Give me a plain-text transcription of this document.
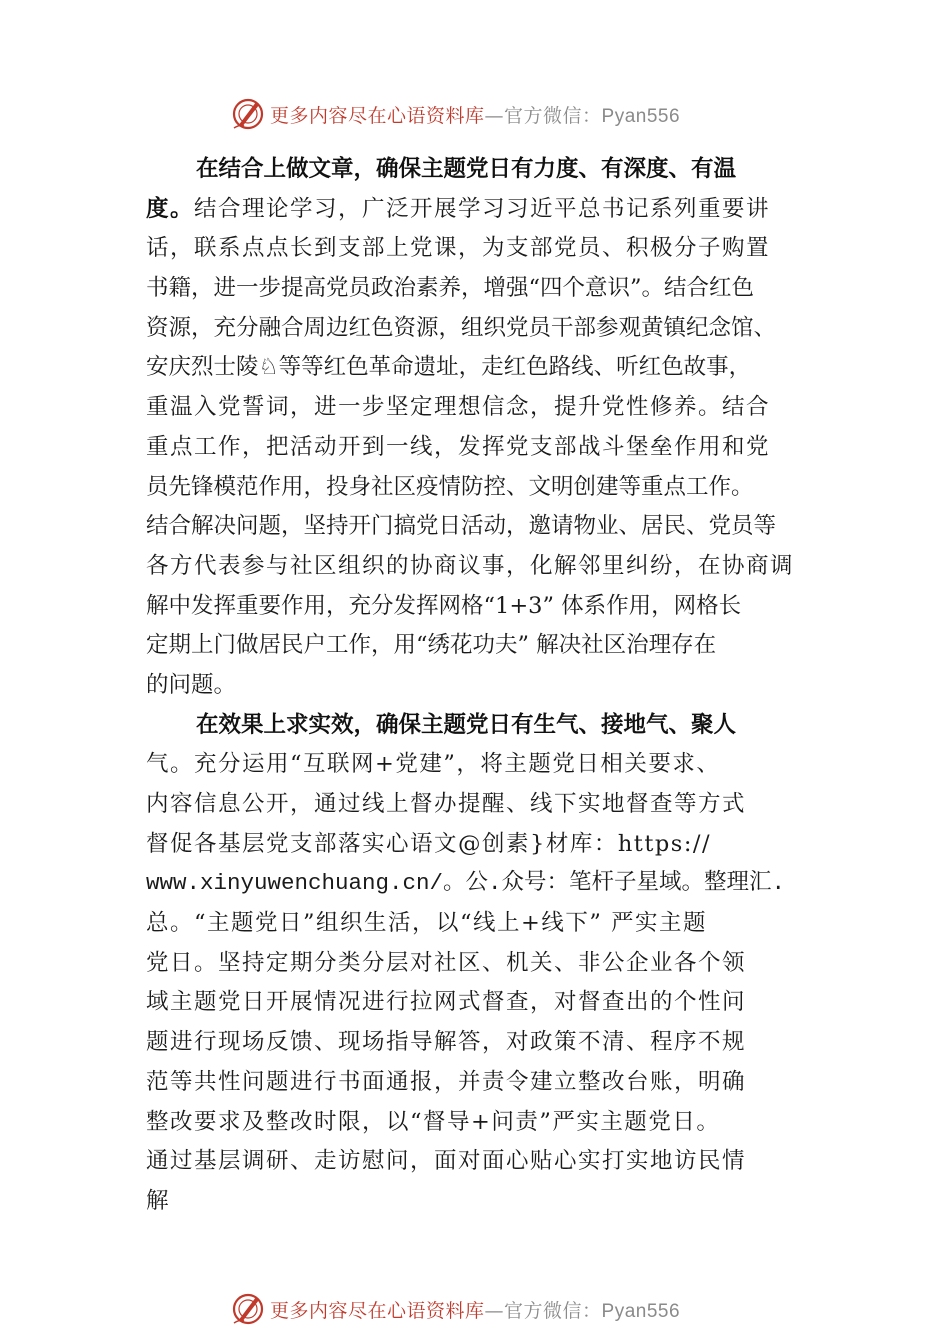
更多内容尽在心语资料库—官方微信：Pyan556
在结合上做文章，确保主题党日有力度、有深度、有温
度。结合理论学习，广泛开展学习习近平总书记系列重要讲
话，联系点点长到支部上党课，为支部党员、积极分子购置
书籍，进一步提高党员政治素养，增强“四个意识”。结合红色
资源，充分融合周边红色资源，组织党员干部参观黄镇纪念馆、
安庆烈士陵♘等等红色革命遗址，走红色路线、听红色故事，
重温入党誓词，进一步坚定理想信念，提升党性修养。结合
重点工作，把活动开到一线，发挥党支部战斗堡垒作用和党
员先锋模范作用，投身社区疫情防控、文明创建等重点工作。
结合解决问题，坚持开门搞党日活动，邀请物业、居民、党员等
各方代表参与社区组织的协商议事，化解邻里纠纷，在协商调
解中发挥重要作用，充分发挥网格“1+3” 体系作用，网格长
定期上门做居民户工作，用“绣花功夫” 解决社区治理存在
的问题。
在效果上求实效，确保主题党日有生气、接地气、聚人
气。充分运用“互联网+党建”，将主题党日相关要求、
内容信息公开，通过线上督办提醒、线下实地督查等方式
督促各基层党支部落实心语文@创素}材库：https://
www.xinyuwenchuang.cn/。公.众号：笔杆子星域。整理汇.
总。“主题党日”组织生活，以“线上+线下” 严实主题
党日。坚持定期分类分层对社区、机关、非公企业各个领
域主题党日开展情况进行拉网式督查，对督查出的个性问
题进行现场反馈、现场指导解答，对政策不清、程序不规
范等共性问题进行书面通报，并责令建立整改台账，明确
整改要求及整改时限，以“督导+问责”严实主题党日。
通过基层调研、走访慰问，面对面心贴心实打实地访民情
解
更多内容尽在心语资料库—官方微信：Pyan556
